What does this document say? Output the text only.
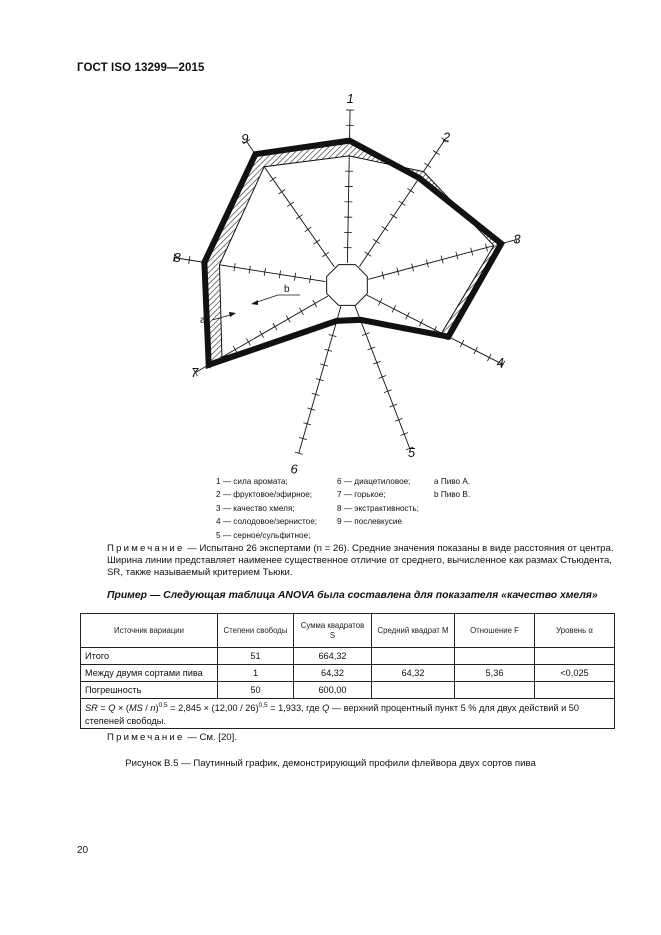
ГОСТ ISO 13299—2015
1
2
3
4
5
6
7
8
9
a
b
1 — сила аромата;
2 — фруктовое/эфирное;
3 — качество хмеля;
4 — солодовое/зернистое;
5 — серное/сульфитное;
6 — диацетиловое;
7 — горькое;
8 — экстрактивность;
9 — послевкусие
a Пиво А.
b Пиво В.
Примечание — Испытано 26 экспертами (n = 26). Средние значения показаны в виде расстояния от центра. Ширина линии представляет наименее существенное отличие от среднего, вычисленное как размах Стьюдента, SR, также называемый критерием Тьюки.
Пример — Следующая таблица ANOVA была составлена для показателя «качество хмеля»
Источник вариации	Степени свободы	Сумма квадратов S	Средний квадрат M	Отношение F	Уровень α
Итого	51	664,32			
Между двумя сортами пива	1	64,32	64,32	5,36	<0,025
Погрешность	50	600,00			
SR = Q × (MS / n)$^{0,5}$ = 2,845 × (12,00 / 26)$^{0,5}$ = 1,933, где Q — верхний процентный пункт 5 % для двух действий и 50 степеней свободы.					
Примечание — См. [20].
Рисунок В.5 — Паутинный график, демонстрирующий профили флейвора двух сортов пива
20
